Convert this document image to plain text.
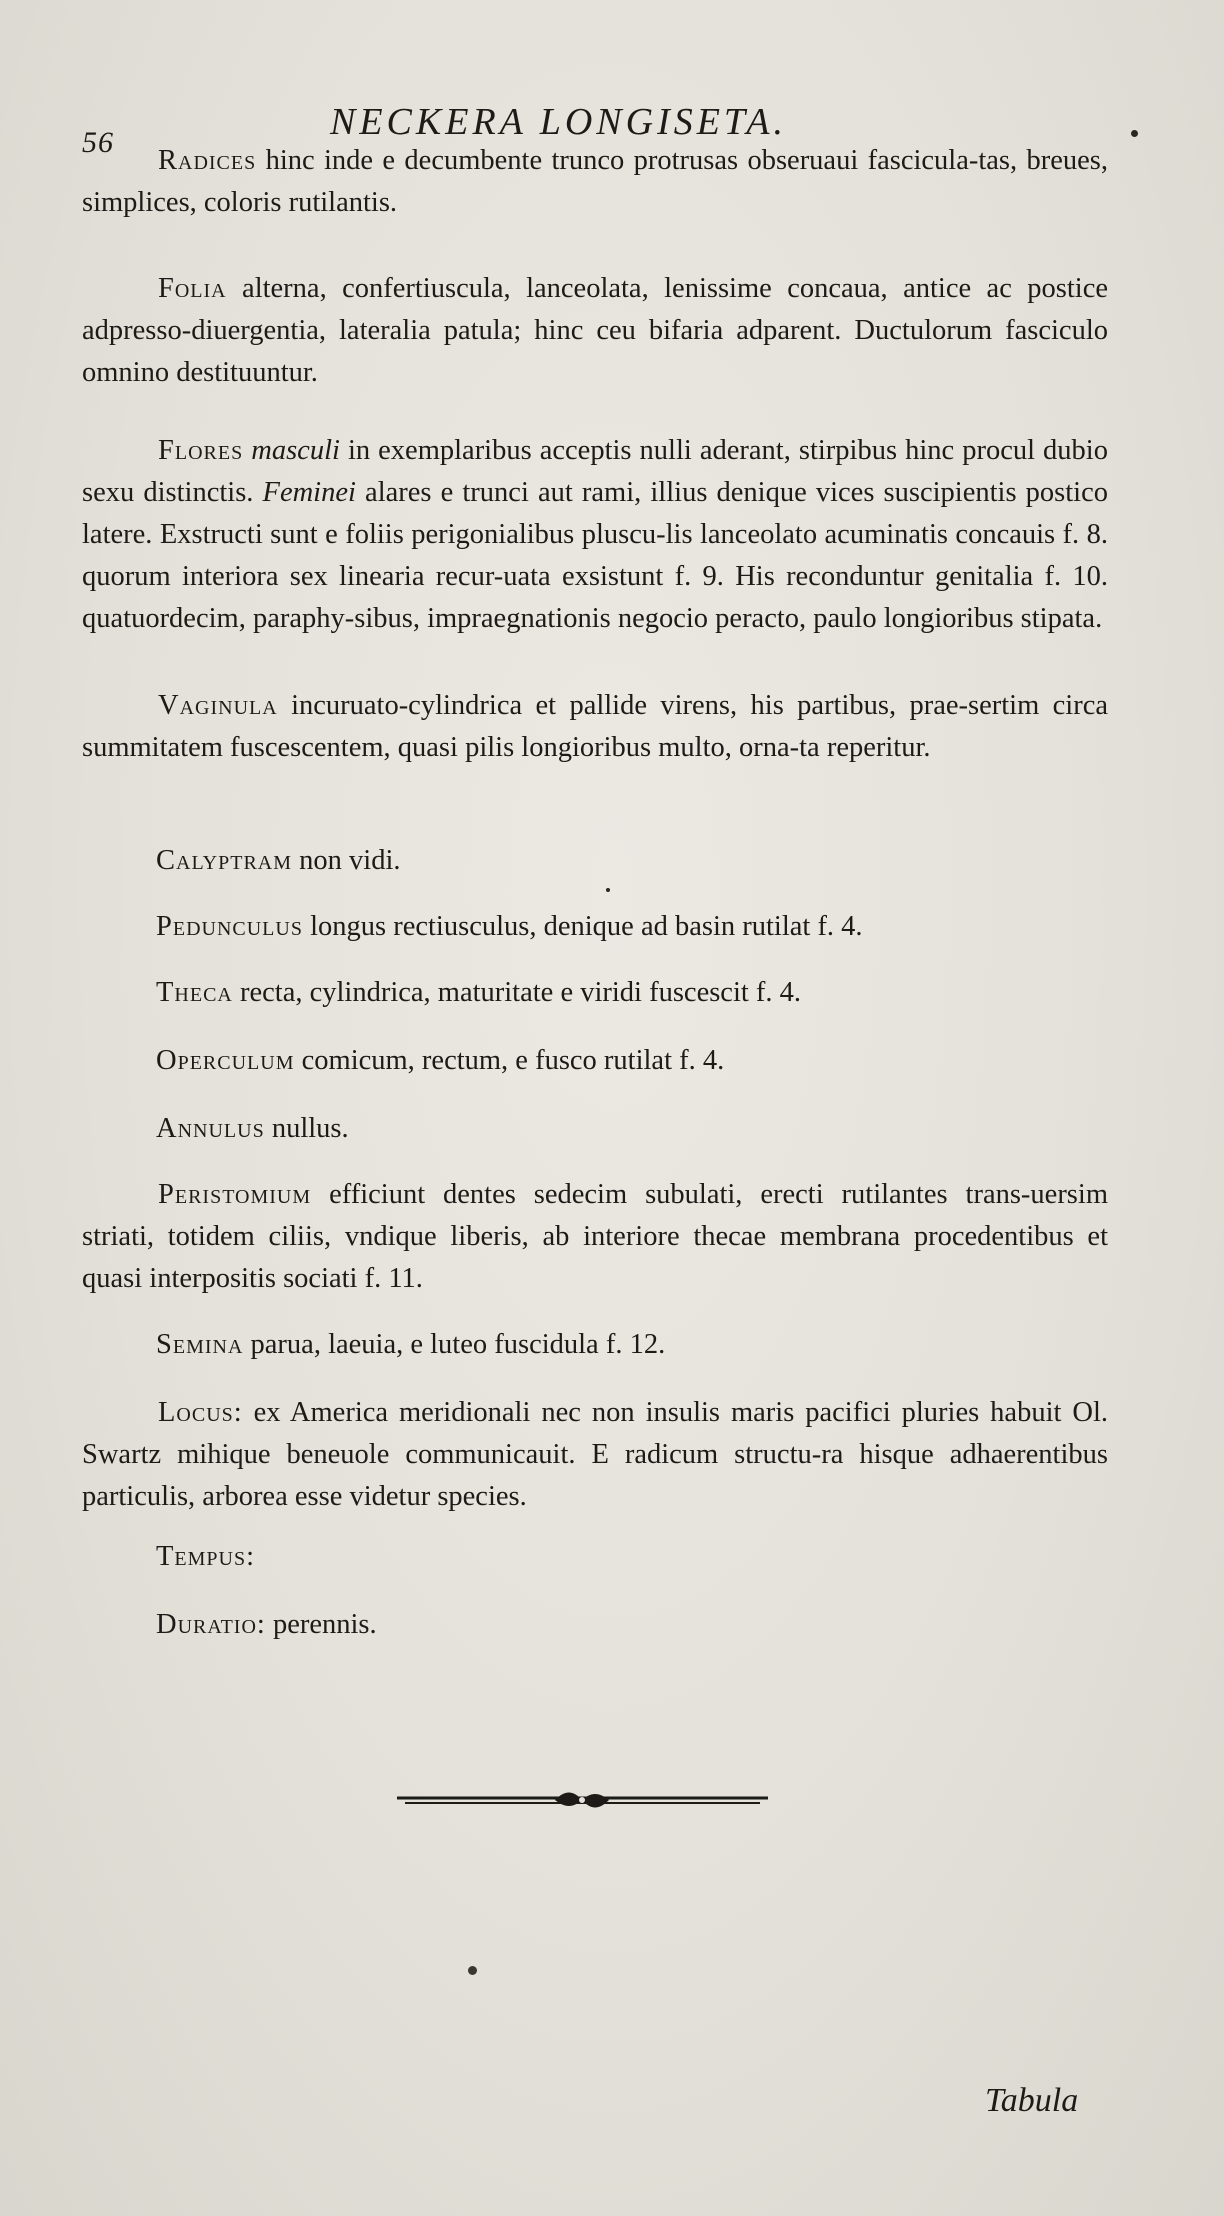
56	NECKERA LONGISETA.

Radices hinc inde e decumbente trunco protrusas obseruaui fascicula-tas, breues, simplices, coloris rutilantis.

Folia alterna, confertiuscula, lanceolata, lenissime concaua, antice ac postice adpresso-diuergentia, lateralia patula; hinc ceu bifaria adparent. Ductulorum fasciculo omnino destituuntur.

Flores masculi in exemplaribus acceptis nulli aderant, stirpibus hinc procul dubio sexu distinctis. Feminei alares e trunci aut rami, illius denique vices suscipientis postico latere. Exstructi sunt e foliis perigonialibus pluscu-lis lanceolato acuminatis concauis f. 8. quorum interiora sex linearia recur-uata exsistunt f. 9. His reconduntur genitalia f. 10. quatuordecim, paraphy-sibus, impraegnationis negocio peracto, paulo longioribus stipata.

Vaginula incuruato-cylindrica et pallide virens, his partibus, prae-sertim circa summitatem fuscescentem, quasi pilis longioribus multo, orna-ta reperitur.

Calyptram non vidi.

Pedunculus longus rectiusculus, denique ad basin rutilat f. 4.

Theca recta, cylindrica, maturitate e viridi fuscescit f. 4.

Operculum comicum, rectum, e fusco rutilat f. 4.

Annulus nullus.

Peristomium efficiunt dentes sedecim subulati, erecti rutilantes trans-uersim striati, totidem ciliis, vndique liberis, ab interiore thecae membrana procedentibus et quasi interpositis sociati f. 11.

Semina parua, laeuia, e luteo fuscidula f. 12.

Locus: ex America meridionali nec non insulis maris pacifici pluries habuit Ol. Swartz mihique beneuole communicauit. E radicum structu-ra hisque adhaerentibus particulis, arborea esse videtur species.

Tempus:

Duratio: perennis.

Tabula
